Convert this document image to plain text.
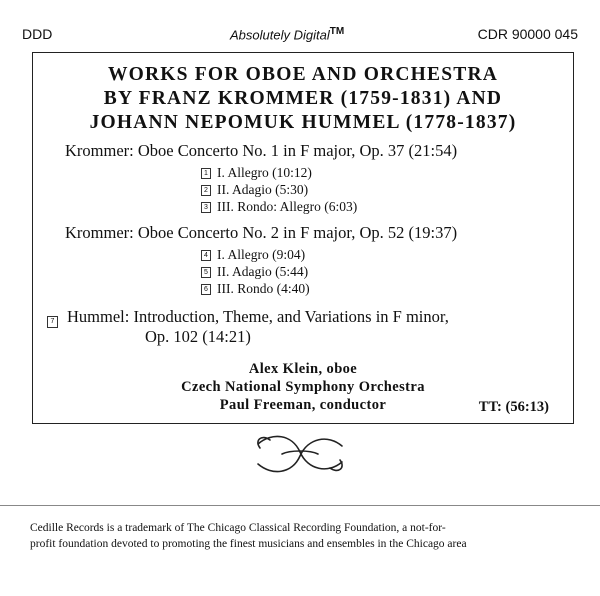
DDD	Absolutely Digital™	CDR 90000 045
WORKS FOR OBOE AND ORCHESTRA
BY FRANZ KROMMER (1759-1831) AND
JOHANN NEPOMUK HUMMEL (1778-1837)
Krommer: Oboe Concerto No. 1 in F major, Op. 37 (21:54)
1 I. Allegro (10:12)
2 II. Adagio (5:30)
3 III. Rondo: Allegro (6:03)
Krommer: Oboe Concerto No. 2 in F major, Op. 52 (19:37)
4 I. Allegro (9:04)
5 II. Adagio (5:44)
6 III. Rondo (4:40)
7 Hummel: Introduction, Theme, and Variations in F minor,
Op. 102 (14:21)
Alex Klein, oboe
Czech National Symphony Orchestra
Paul Freeman, conductor	TT: (56:13)
Cedille Records is a trademark of The Chicago Classical Recording Foundation, a not-for-
profit foundation devoted to promoting the finest musicians and ensembles in the Chicago area
